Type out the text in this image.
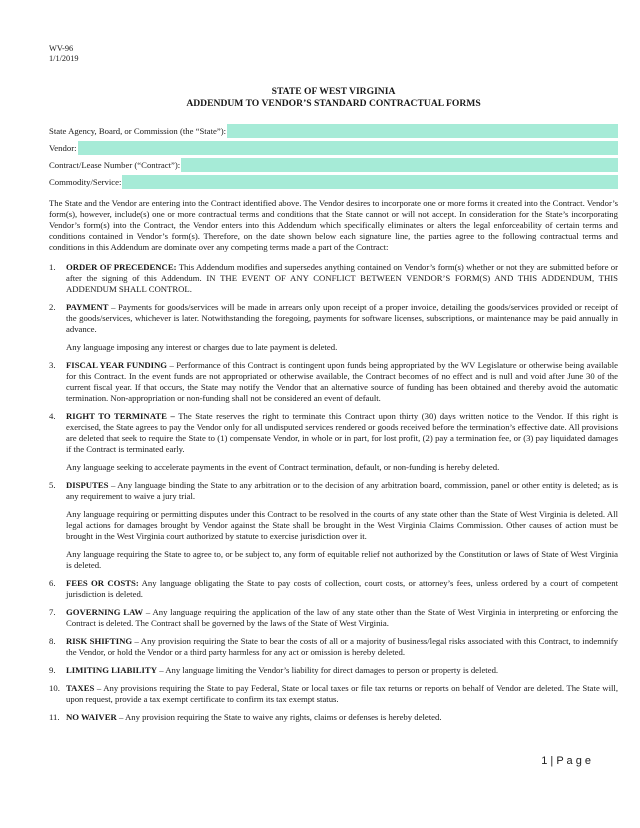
WV-96
1/1/2019
STATE OF WEST VIRGINIA
ADDENDUM TO VENDOR’S STANDARD CONTRACTUAL FORMS
State Agency, Board, or Commission (the “State”):
Vendor:
Contract/Lease Number (“Contract”):
Commodity/Service:
The State and the Vendor are entering into the Contract identified above. The Vendor desires to incorporate one or more forms it created into the Contract. Vendor’s form(s), however, include(s) one or more contractual terms and conditions that the State cannot or will not accept. In consideration for the State’s incorporating Vendor’s form(s) into the Contract, the Vendor enters into this Addendum which specifically eliminates or alters the legal enforceability of certain terms and conditions contained in Vendor’s form(s). Therefore, on the date shown below each signature line, the parties agree to the following contractual terms and conditions in this Addendum are dominate over any competing terms made a part of the Contract:
1. ORDER OF PRECEDENCE: This Addendum modifies and supersedes anything contained on Vendor’s form(s) whether or not they are submitted before or after the signing of this Addendum. IN THE EVENT OF ANY CONFLICT BETWEEN VENDOR’S FORM(S) AND THIS ADDENDUM, THIS ADDENDUM SHALL CONTROL.

2. PAYMENT – Payments for goods/services will be made in arrears only upon receipt of a proper invoice, detailing the goods/services provided or receipt of the goods/services, whichever is later. Notwithstanding the foregoing, payments for software licenses, subscriptions, or maintenance may be paid annually in advance.

Any language imposing any interest or charges due to late payment is deleted.

3. FISCAL YEAR FUNDING – Performance of this Contract is contingent upon funds being appropriated by the WV Legislature or otherwise being available for this Contract. In the event funds are not appropriated or otherwise available, the Contract becomes of no effect and is null and void after June 30 of the current fiscal year. If that occurs, the State may notify the Vendor that an alternative source of funding has been obtained and thereby avoid the automatic termination. Non-appropriation or non-funding shall not be considered an event of default.

4. RIGHT TO TERMINATE – The State reserves the right to terminate this Contract upon thirty (30) days written notice to the Vendor. If this right is exercised, the State agrees to pay the Vendor only for all undisputed services rendered or goods received before the termination’s effective date. All provisions are deleted that seek to require the State to (1) compensate Vendor, in whole or in part, for lost profit, (2) pay a termination fee, or (3) pay liquidated damages if the Contract is terminated early.

Any language seeking to accelerate payments in the event of Contract termination, default, or non-funding is hereby deleted.

5. DISPUTES – Any language binding the State to any arbitration or to the decision of any arbitration board, commission, panel or other entity is deleted; as is any requirement to waive a jury trial.

Any language requiring or permitting disputes under this Contract to be resolved in the courts of any state other than the State of West Virginia is deleted. All legal actions for damages brought by Vendor against the State shall be brought in the West Virginia Claims Commission. Other causes of action must be brought in the West Virginia court authorized by statute to exercise jurisdiction over it.

Any language requiring the State to agree to, or be subject to, any form of equitable relief not authorized by the Constitution or laws of State of West Virginia is deleted.

6. FEES OR COSTS: Any language obligating the State to pay costs of collection, court costs, or attorney’s fees, unless ordered by a court of competent jurisdiction is deleted.

7. GOVERNING LAW – Any language requiring the application of the law of any state other than the State of West Virginia in interpreting or enforcing the Contract is deleted. The Contract shall be governed by the laws of the State of West Virginia.

8. RISK SHIFTING – Any provision requiring the State to bear the costs of all or a majority of business/legal risks associated with this Contract, to indemnify the Vendor, or hold the Vendor or a third party harmless for any act or omission is hereby deleted.

9. LIMITING LIABILITY – Any language limiting the Vendor’s liability for direct damages to person or property is deleted.

10. TAXES – Any provisions requiring the State to pay Federal, State or local taxes or file tax returns or reports on behalf of Vendor are deleted. The State will, upon request, provide a tax exempt certificate to confirm its tax exempt status.

11. NO WAIVER – Any provision requiring the State to waive any rights, claims or defenses is hereby deleted.

1 | P a g e
